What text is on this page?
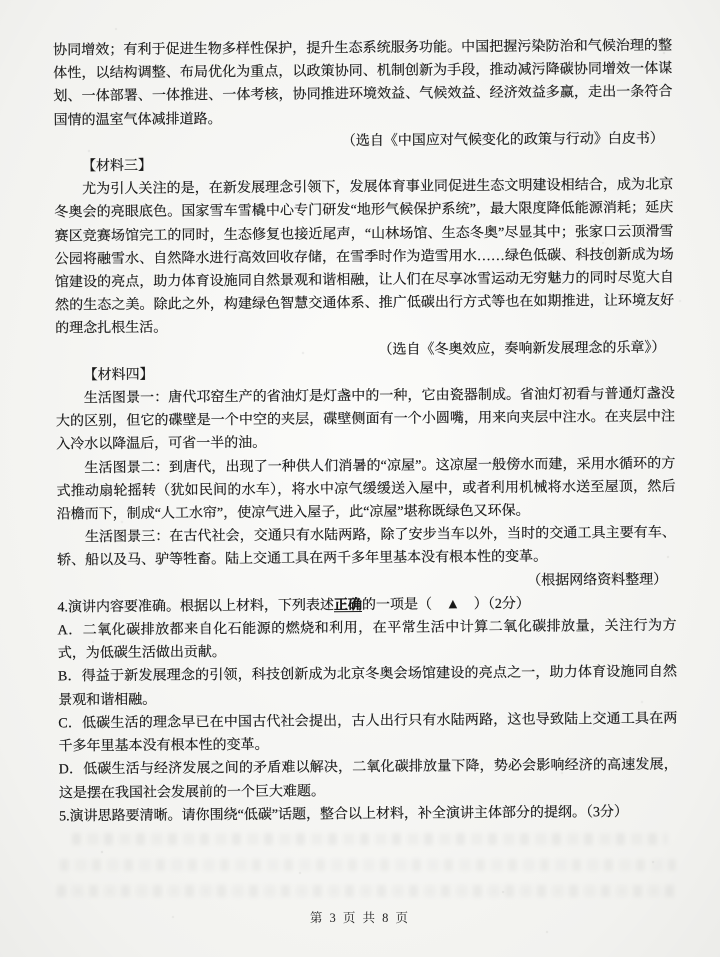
协同增效；有利于促进生物多样性保护，提升生态系统服务功能。中国把握污染防治和气候治理的整体性，以结构调整、布局优化为重点，以政策协同、机制创新为手段，推动减污降碳协同增效一体谋划、一体部署、一体推进、一体考核，协同推进环境效益、气候效益、经济效益多赢，走出一条符合国情的温室气体减排道路。

（选自《中国应对气候变化的政策与行动》白皮书）

【材料三】

尤为引人关注的是，在新发展理念引领下，发展体育事业同促进生态文明建设相结合，成为北京冬奥会的亮眼底色。国家雪车雪橇中心专门研发“地形气候保护系统”，最大限度降低能源消耗；延庆赛区竞赛场馆完工的同时，生态修复也接近尾声，“山林场馆、生态冬奥”尽显其中；张家口云顶滑雪公园将融雪水、自然降水进行高效回收存储，在雪季时作为造雪用水……绿色低碳、科技创新成为场馆建设的亮点，助力体育设施同自然景观和谐相融，让人们在尽享冰雪运动无穷魅力的同时尽览大自然的生态之美。除此之外，构建绿色智慧交通体系、推广低碳出行方式等也在如期推进，让环境友好的理念扎根生活。

（选自《冬奥效应，奏响新发展理念的乐章》）

【材料四】

生活图景一：唐代邛窑生产的省油灯是灯盏中的一种，它由瓷器制成。省油灯初看与普通灯盏没大的区别，但它的碟壁是一个中空的夹层，碟壁侧面有一个小圆嘴，用来向夹层中注水。在夹层中注入冷水以降温后，可省一半的油。

生活图景二：到唐代，出现了一种供人们消暑的“凉屋”。这凉屋一般傍水而建，采用水循环的方式推动扇轮摇转（犹如民间的水车），将水中凉气缓缓送入屋中，或者利用机械将水送至屋顶，然后沿檐而下，制成“人工水帘”，使凉气进入屋子，此“凉屋”堪称既绿色又环保。

生活图景三：在古代社会，交通只有水陆两路，除了安步当车以外，当时的交通工具主要有车、轿、船以及马、驴等牲畜。陆上交通工具在两千多年里基本没有根本性的变革。

（根据网络资料整理）

4.演讲内容要准确。根据以上材料，下列表述正确的一项是（　▲　）（2分）

A．二氧化碳排放都来自化石能源的燃烧和利用，在平常生活中计算二氧化碳排放量，关注行为方式，为低碳生活做出贡献。

B．得益于新发展理念的引领，科技创新成为北京冬奥会场馆建设的亮点之一，助力体育设施同自然景观和谐相融。

C．低碳生活的理念早已在中国古代社会提出，古人出行只有水陆两路，这也导致陆上交通工具在两千多年里基本没有根本性的变革。

D．低碳生活与经济发展之间的矛盾难以解决，二氧化碳排放量下降，势必会影响经济的高速发展，这是摆在我国社会发展前的一个巨大难题。

5.演讲思路要清晰。请你围绕“低碳”话题，整合以上材料，补全演讲主体部分的提纲。（3分）

第 3 页 共 8 页
